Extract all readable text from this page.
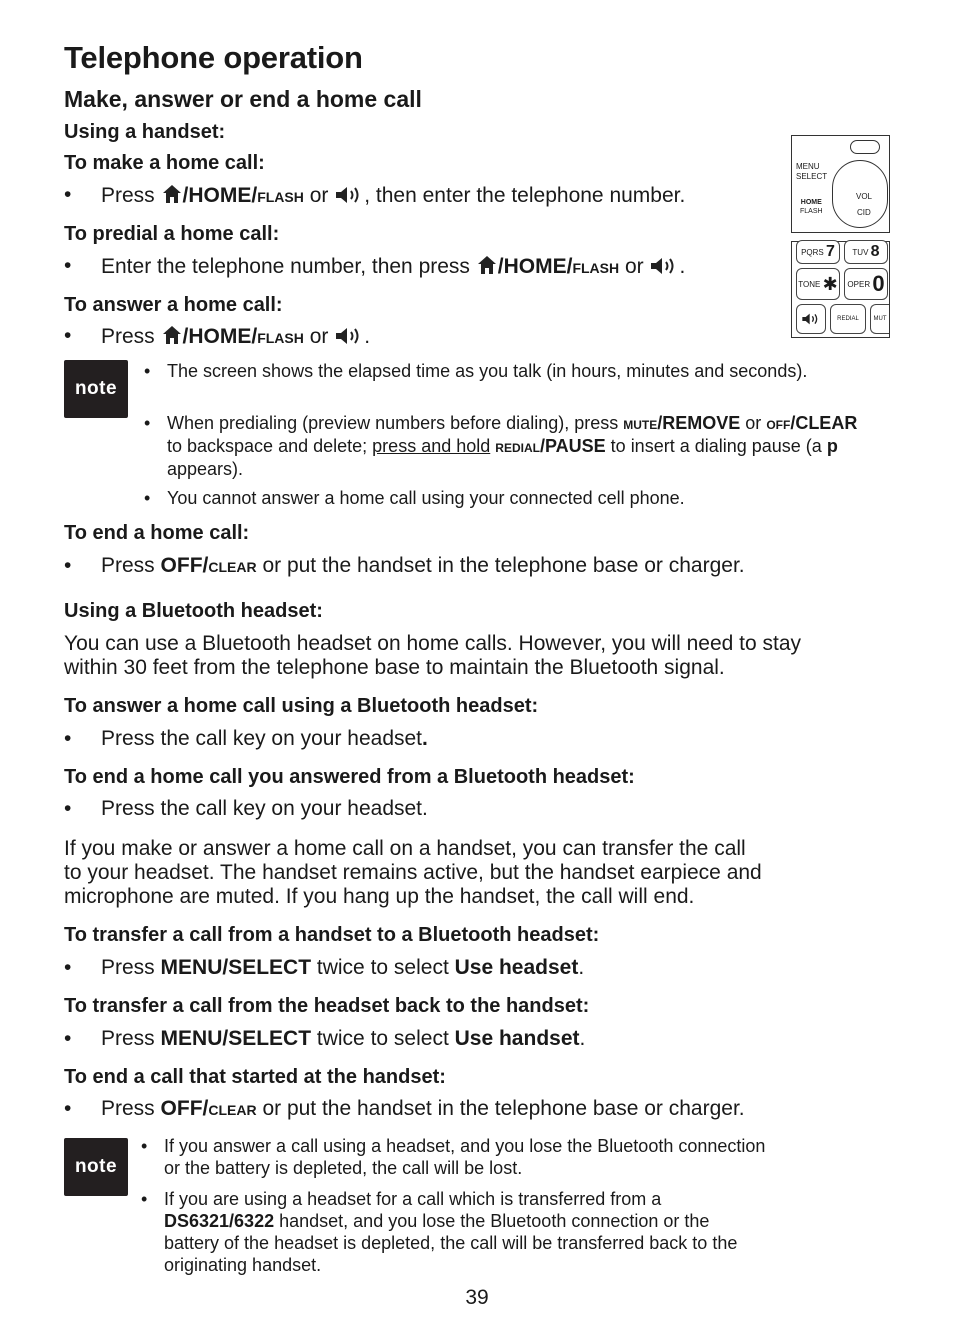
Telephone operation
Make, answer or end a home call
Using a handset:
To make a home call:
• Press /HOME/flash or , then enter the telephone number.
To predial a home call:
• Enter the telephone number, then press /HOME/flash or .
To answer a home call:
• Press /HOME/flash or .
MENU
SELECT
VOL
CID
HOME
FLASH
PQRS
7 TUV
8
TONE
✱ OPER
0
REDIAL	MUT
note
• The screen shows the elapsed time as you talk (in hours, minutes and seconds).
• When predialing (preview numbers before dialing), press mute/REMOVE or off/CLEAR to backspace and delete; press and hold redial/PAUSE to insert a dialing pause (a p appears).
• You cannot answer a home call using your connected cell phone.
To end a home call:
• Press OFF/clear or put the handset in the telephone base or charger.
Using a Bluetooth headset:
You can use a Bluetooth headset on home calls. However, you will need to stay
within 30 feet from the telephone base to maintain the Bluetooth signal.
To answer a home call using a Bluetooth headset:
• Press the call key on your headset.
To end a home call you answered from a Bluetooth headset:
• Press the call key on your headset.
If you make or answer a home call on a handset, you can transfer the call
to your headset. The handset remains active, but the handset earpiece and
microphone are muted. If you hang up the handset, the call will end.
To transfer a call from a handset to a Bluetooth headset:
• Press MENU/SELECT twice to select Use headset.
To transfer a call from the headset back to the handset:
• Press MENU/SELECT twice to select Use handset.
To end a call that started at the handset:
• Press OFF/clear or put the handset in the telephone base or charger.
note
• If you answer a call using a headset, and you lose the Bluetooth connection
or the battery is depleted, the call will be lost.
• If you are using a headset for a call which is transferred from a
DS6321/6322 handset, and you lose the Bluetooth connection or the
battery of the headset is depleted, the call will be transferred back to the
originating handset.
39
